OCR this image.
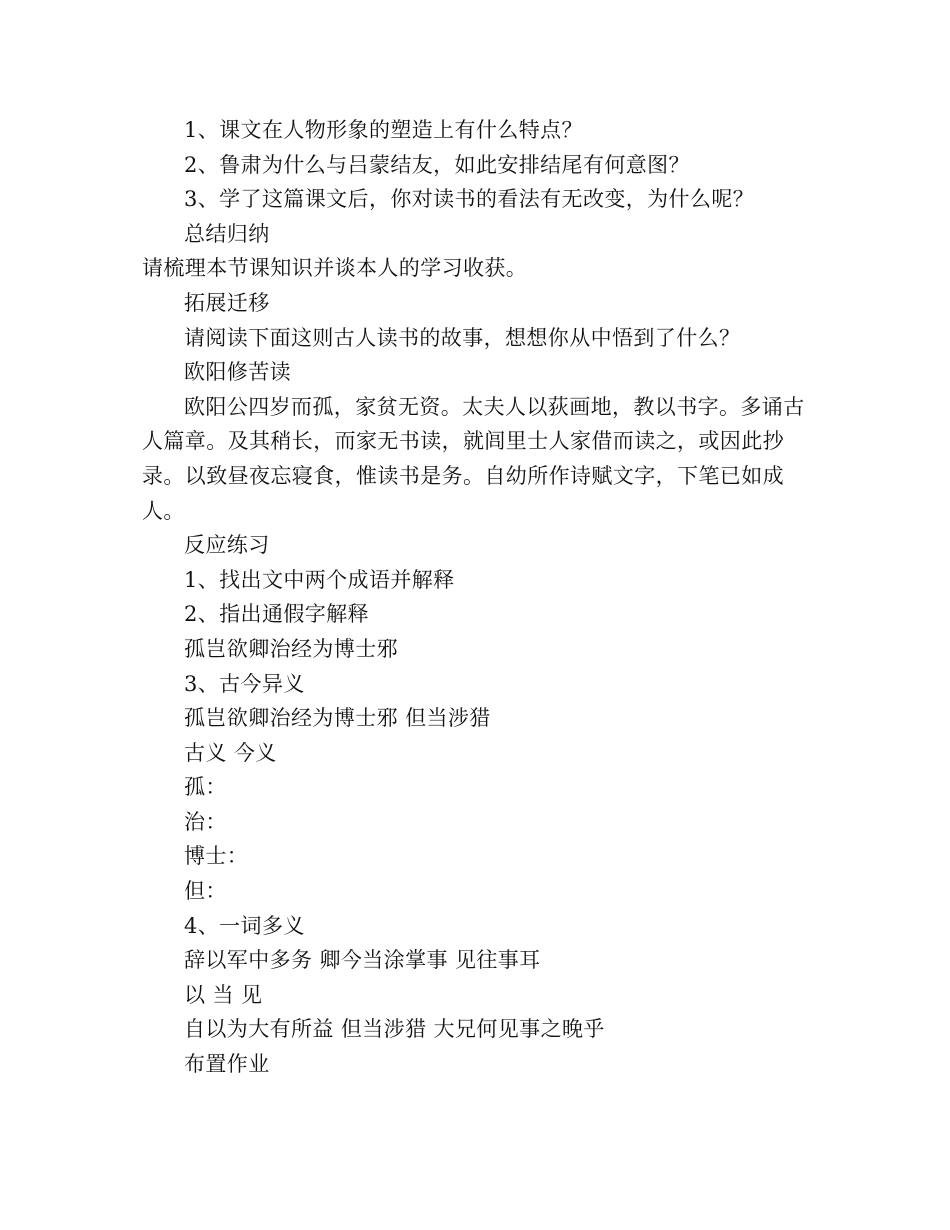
1、课文在人物形象的塑造上有什么特点？
2、鲁肃为什么与吕蒙结友，如此安排结尾有何意图？
3、学了这篇课文后，你对读书的看法有无改变，为什么呢？
总结归纳
请梳理本节课知识并谈本人的学习收获。
拓展迁移
请阅读下面这则古人读书的故事，想想你从中悟到了什么？
欧阳修苦读

欧阳公四岁而孤，家贫无资。太夫人以荻画地，教以书字。多诵古人篇章。及其稍长，而家无书读，就闾里士人家借而读之，或因此抄录。以致昼夜忘寝食，惟读书是务。自幼所作诗赋文字，下笔已如成人。

反应练习
1、找出文中两个成语并解释
2、指出通假字解释
孤岂欲卿治经为博士邪
3、古今异义
孤岂欲卿治经为博士邪 但当涉猎
古义 今义
孤：
治：
博士：
但：
4、一词多义
辞以军中多务 卿今当涂掌事 见往事耳
以 当 见
自以为大有所益 但当涉猎 大兄何见事之晚乎
布置作业
